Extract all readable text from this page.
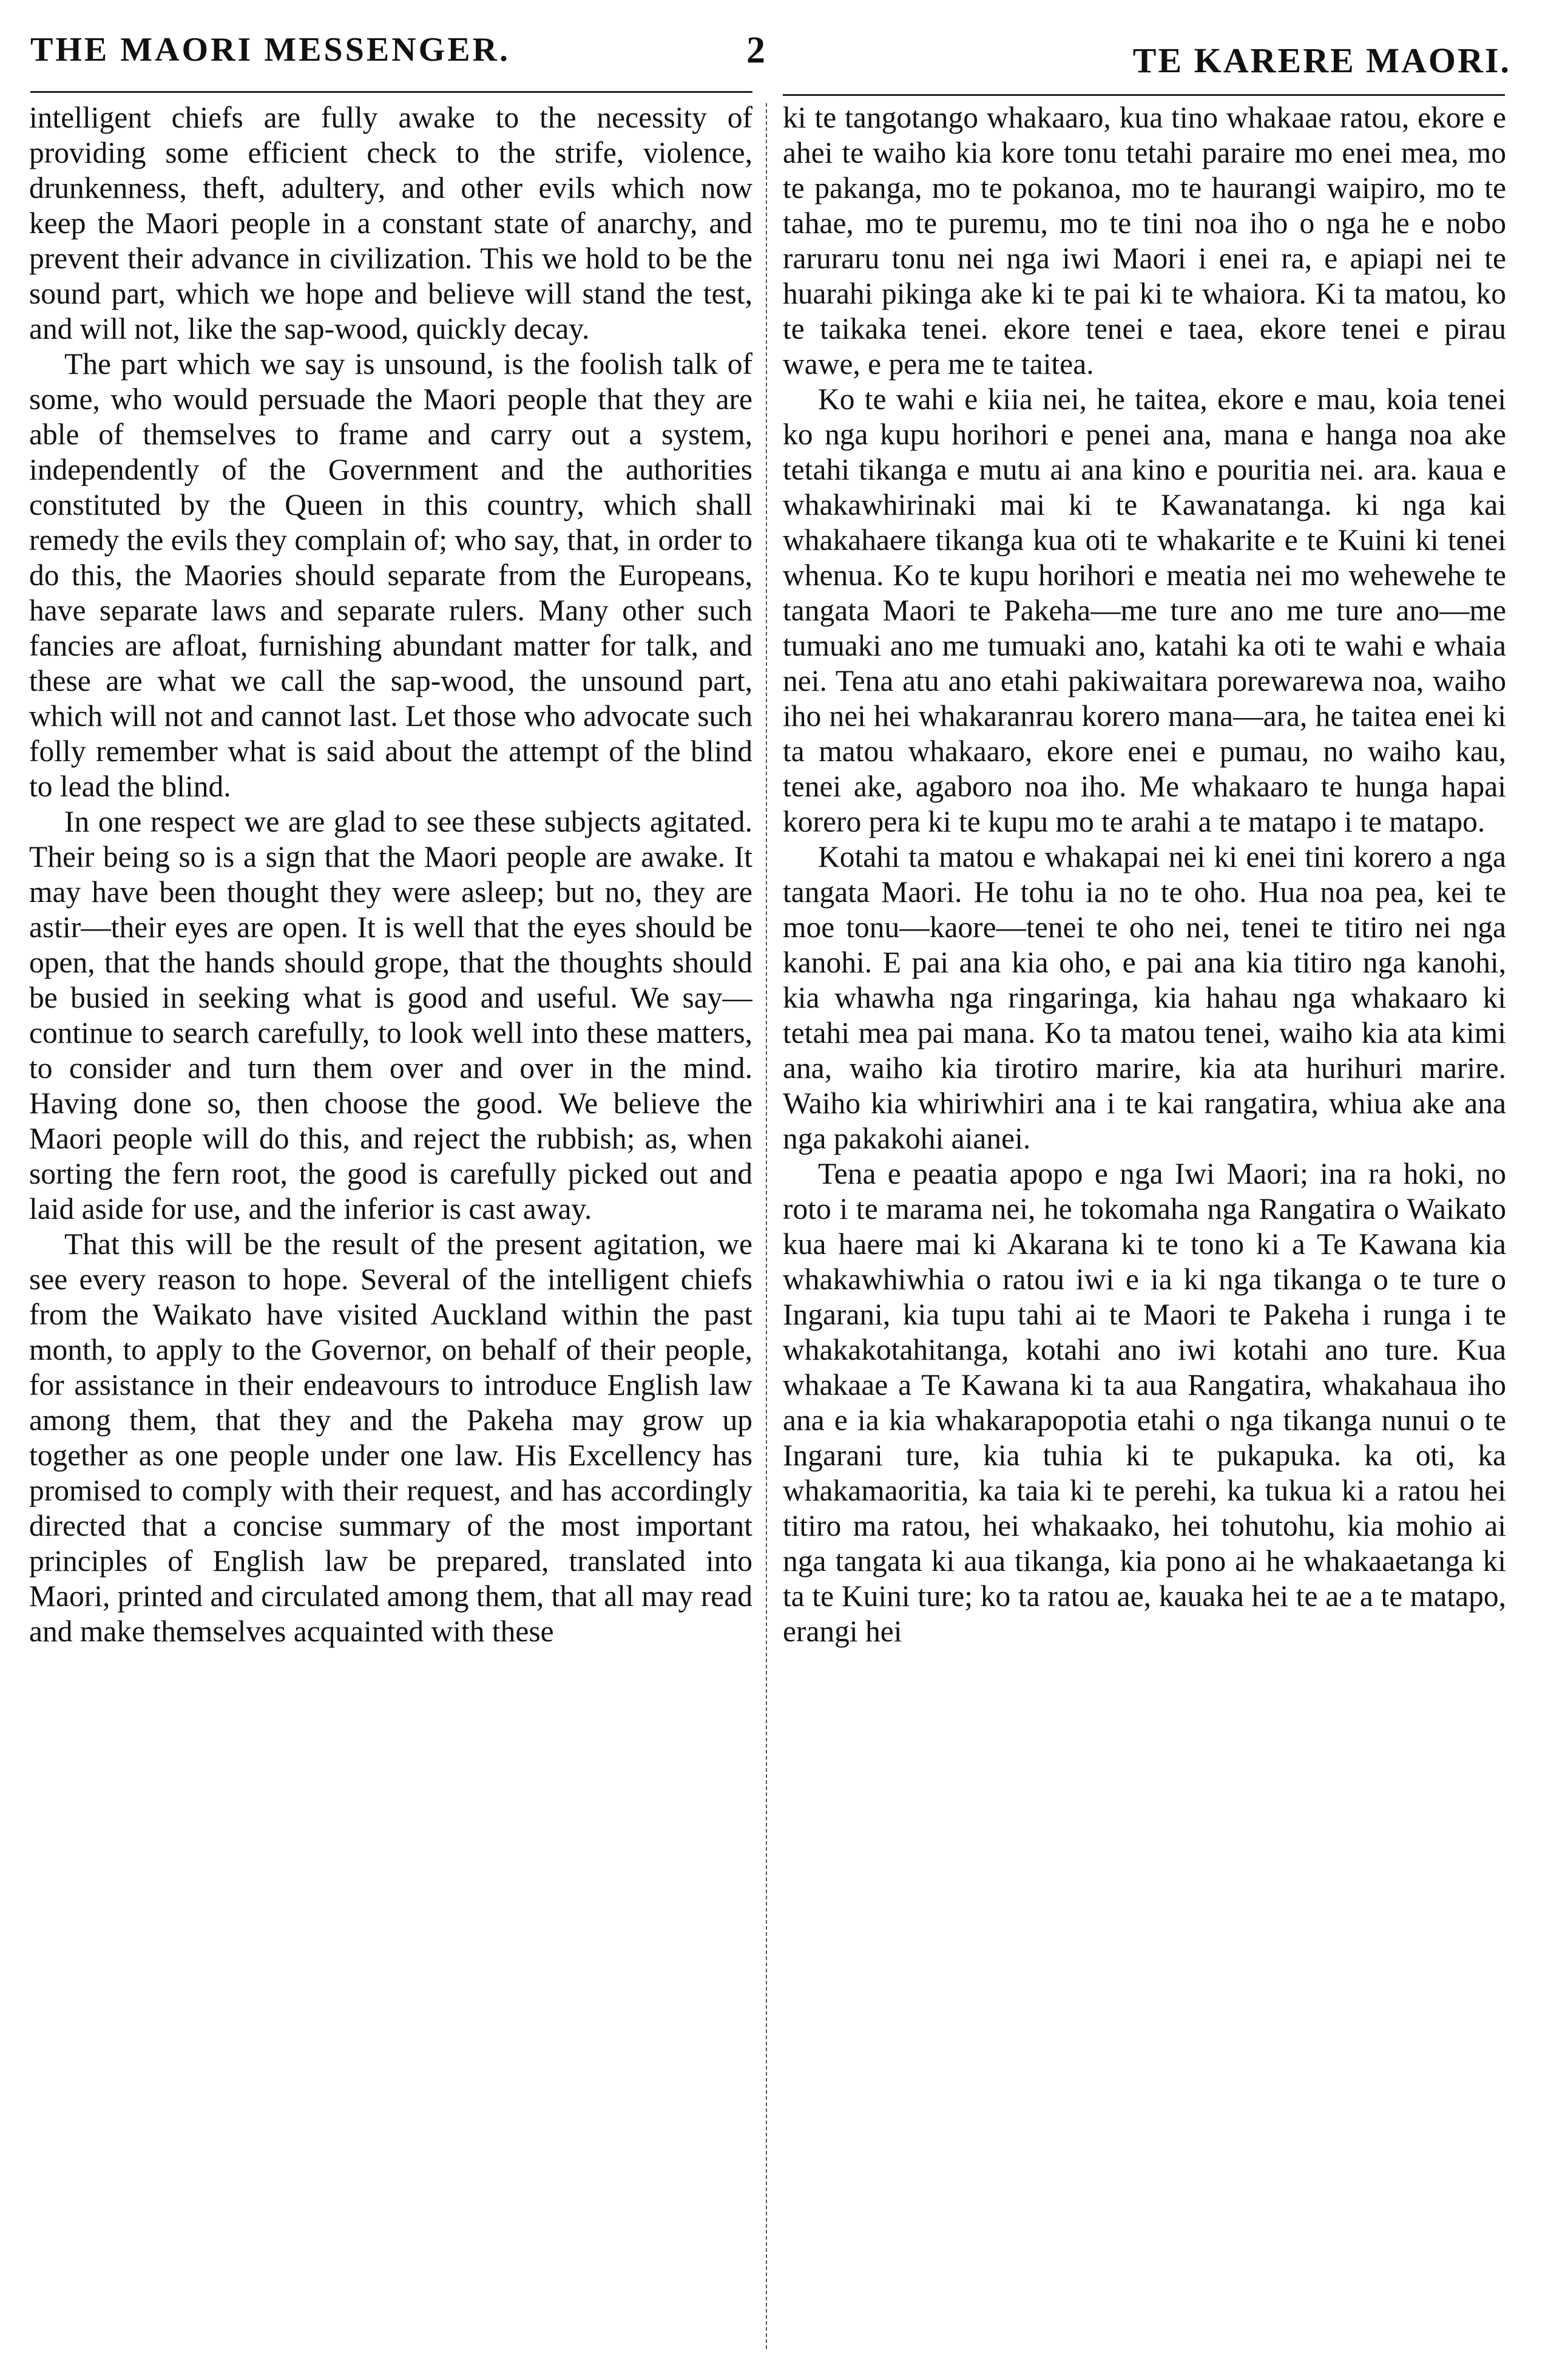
THE MAORI MESSENGER.	2	TE KARERE MAORI.

intelligent chiefs are fully awake to the necessity of providing some efficient check to the strife, violence, drunkenness, theft, adultery, and other evils which now keep the Maori people in a constant state of anarchy, and prevent their advance in civilization. This we hold to be the sound part, which we hope and believe will stand the test, and will not, like the sap-wood, quickly decay.

The part which we say is unsound, is the foolish talk of some, who would persuade the Maori people that they are able of themselves to frame and carry out a system, independently of the Government and the authorities constituted by the Queen in this country, which shall remedy the evils they complain of; who say, that, in order to do this, the Maories should separate from the Europeans, have separate laws and separate rulers. Many other such fancies are afloat, furnishing abundant matter for talk, and these are what we call the sap-wood, the unsound part, which will not and cannot last. Let those who advocate such folly remember what is said about the attempt of the blind to lead the blind.

In one respect we are glad to see these subjects agitated. Their being so is a sign that the Maori people are awake. It may have been thought they were asleep; but no, they are astir—their eyes are open. It is well that the eyes should be open, that the hands should grope, that the thoughts should be busied in seeking what is good and useful. We say—continue to search carefully, to look well into these matters, to consider and turn them over and over in the mind. Having done so, then choose the good. We believe the Maori people will do this, and reject the rubbish; as, when sorting the fern root, the good is carefully picked out and laid aside for use, and the inferior is cast away.

That this will be the result of the present agitation, we see every reason to hope. Several of the intelligent chiefs from the Waikato have visited Auckland within the past month, to apply to the Governor, on behalf of their people, for assistance in their endeavours to introduce English law among them, that they and the Pakeha may grow up together as one people under one law. His Excellency has promised to comply with their request, and has accordingly directed that a concise summary of the most important principles of English law be prepared, translated into Maori, printed and circulated among them, that all may read and make themselves acquainted with these

ki te tangotango whakaaro, kua tino whakaae ratou, ekore e ahei te waiho kia kore tonu tetahi paraire mo enei mea, mo te pakanga, mo te pokanoa, mo te haurangi waipiro, mo te tahae, mo te puremu, mo te tini noa iho o nga he e nobo raruraru tonu nei nga iwi Maori i enei ra, e apiapi nei te huarahi pikinga ake ki te pai ki te whaiora. Ki ta matou, ko te taikaka tenei. ekore tenei e taea, ekore tenei e pirau wawe, e pera me te taitea.

Ko te wahi e kiia nei, he taitea, ekore e mau, koia tenei ko nga kupu horihori e penei ana, mana e hanga noa ake tetahi tikanga e mutu ai ana kino e pouritia nei. ara. kaua e whakawhirinaki mai ki te Kawanatanga. ki nga kai whakahaere tikanga kua oti te whakarite e te Kuini ki tenei whenua. Ko te kupu horihori e meatia nei mo wehewehe te tangata Maori te Pakeha—me ture ano me ture ano—me tumuaki ano me tumuaki ano, katahi ka oti te wahi e whaia nei. Tena atu ano etahi pakiwaitara porewarewa noa, waiho iho nei hei whakaranrau korero mana—ara, he taitea enei ki ta matou whakaaro, ekore enei e pumau, no waiho kau, tenei ake, agaboro noa iho. Me whakaaro te hunga hapai korero pera ki te kupu mo te arahi a te matapo i te matapo.

Kotahi ta matou e whakapai nei ki enei tini korero a nga tangata Maori. He tohu ia no te oho. Hua noa pea, kei te moe tonu—kaore—tenei te oho nei, tenei te titiro nei nga kanohi. E pai ana kia oho, e pai ana kia titiro nga kanohi, kia whawha nga ringaringa, kia hahau nga whakaaro ki tetahi mea pai mana. Ko ta matou tenei, waiho kia ata kimi ana, waiho kia tirotiro marire, kia ata hurihuri marire. Waiho kia whiriwhiri ana i te kai rangatira, whiua ake ana nga pakakohi aianei.

Tena e peaatia apopo e nga Iwi Maori; ina ra hoki, no roto i te marama nei, he tokomaha nga Rangatira o Waikato kua haere mai ki Akarana ki te tono ki a Te Kawana kia whakawhiwhia o ratou iwi e ia ki nga tikanga o te ture o Ingarani, kia tupu tahi ai te Maori te Pakeha i runga i te whakakotahitanga, kotahi ano iwi kotahi ano ture. Kua whakaae a Te Kawana ki ta aua Rangatira, whakahaua iho ana e ia kia whakarapopotia etahi o nga tikanga nunui o te Ingarani ture, kia tuhia ki te pukapuka. ka oti, ka whakamaoritia, ka taia ki te perehi, ka tukua ki a ratou hei titiro ma ratou, hei whakaako, hei tohutohu, kia mohio ai nga tangata ki aua tikanga, kia pono ai he whakaaetanga ki ta te Kuini ture; ko ta ratou ae, kauaka hei te ae a te matapo, erangi hei
